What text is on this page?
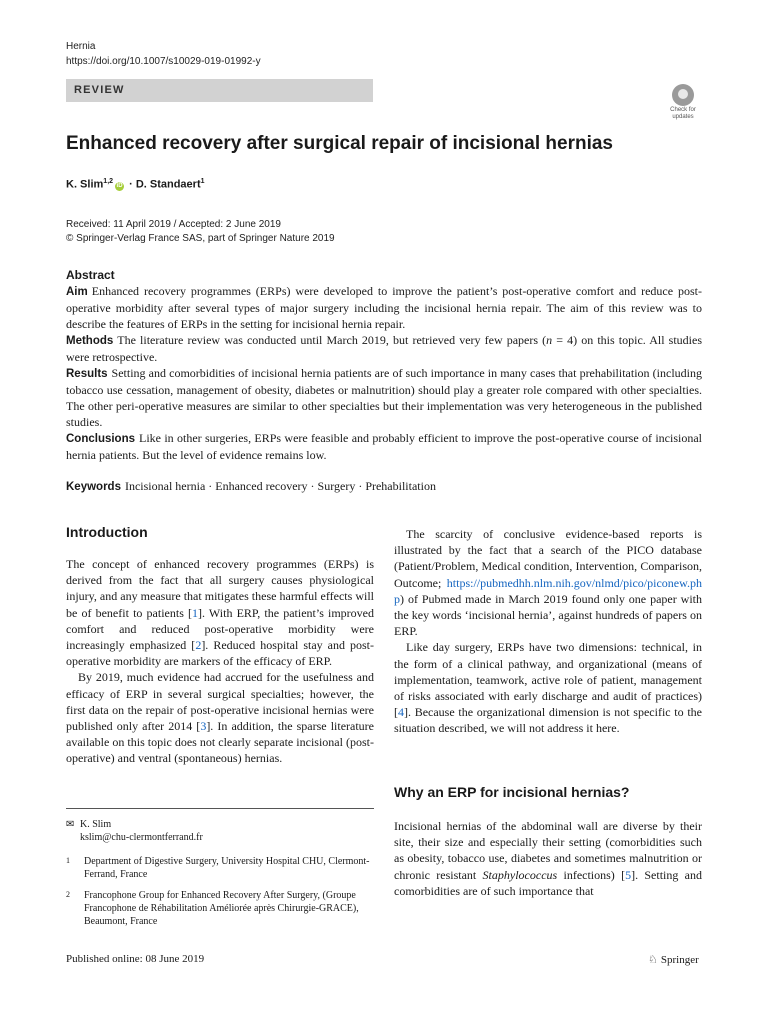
Hernia
https://doi.org/10.1007/s10029-019-01992-y
REVIEW
Check for
updates
Enhanced recovery after surgical repair of incisional hernias
K. Slim$^{1,2}$iD · D. Standaert$^1$
Received: 11 April 2019 / Accepted: 2 June 2019
© Springer-Verlag France SAS, part of Springer Nature 2019
Abstract

Aim Enhanced recovery programmes (ERPs) were developed to improve the patient’s post-operative comfort and reduce post-operative morbidity after several types of major surgery including the incisional hernia repair. The aim of this review was to describe the features of ERPs in the setting for incisional hernia repair.

Methods The literature review was conducted until March 2019, but retrieved very few papers (n = 4) on this topic. All studies were retrospective.

Results Setting and comorbidities of incisional hernia patients are of such importance in many cases that prehabilitation (including tobacco use cessation, management of obesity, diabetes or malnutrition) should play a greater role compared with other specialties. The other peri-operative measures are similar to other specialties but their implementation was very heterogeneous in the published studies.

Conclusions Like in other surgeries, ERPs were feasible and probably efficient to improve the post-operative course of incisional hernia patients. But the level of evidence remains low.

Keywords Incisional hernia · Enhanced recovery · Surgery · Prehabilitation
Introduction

The concept of enhanced recovery programmes (ERPs) is derived from the fact that all surgery causes physiological injury, and any measure that mitigates these harmful effects will be of benefit to patients [1]. With ERP, the patient’s improved comfort and reduced post-operative morbidity were increasingly emphasized [2]. Reduced hospital stay and post-operative morbidity are markers of the efficacy of ERP.

By 2019, much evidence had accrued for the usefulness and efficacy of ERP in several surgical specialties; however, the first data on the repair of post-operative incisional hernias were published only after 2014 [3]. In addition, the sparse literature available on this topic does not clearly separate incisional (post-operative) and ventral (spontaneous) hernias.

The scarcity of conclusive evidence-based reports is illustrated by the fact that a search of the PICO database (Patient/Problem, Medical condition, Intervention, Comparison, Outcome; https://pubmedhh.nlm.nih.gov/nlmd/pico/piconew.php) of Pubmed made in March 2019 found only one paper with the key words ‘incisional hernia’, against hundreds of papers on ERP.

Like day surgery, ERPs have two dimensions: technical, in the form of a clinical pathway, and organizational (means of implementation, teamwork, active role of patient, management of risks associated with early discharge and audit of practices) [4]. Because the organizational dimension is not specific to the situation described, we will not address it here.

Why an ERP for incisional hernias?

Incisional hernias of the abdominal wall are diverse by their site, their size and especially their setting (comorbidities such as obesity, tobacco use, diabetes and sometimes malnutrition or chronic resistant Staphylococcus infections) [5]. Setting and comorbidities are of such importance that

✉ K. Slim
kslim@chu-clermontferrand.fr
1	Department of Digestive Surgery, University Hospital CHU, Clermont-Ferrand, France
2	Francophone Group for Enhanced Recovery After Surgery, (Groupe Francophone de Réhabilitation Améliorée après Chirurgie-GRACE), Beaumont, France
Published online: 08 June 2019	♘ Springer
